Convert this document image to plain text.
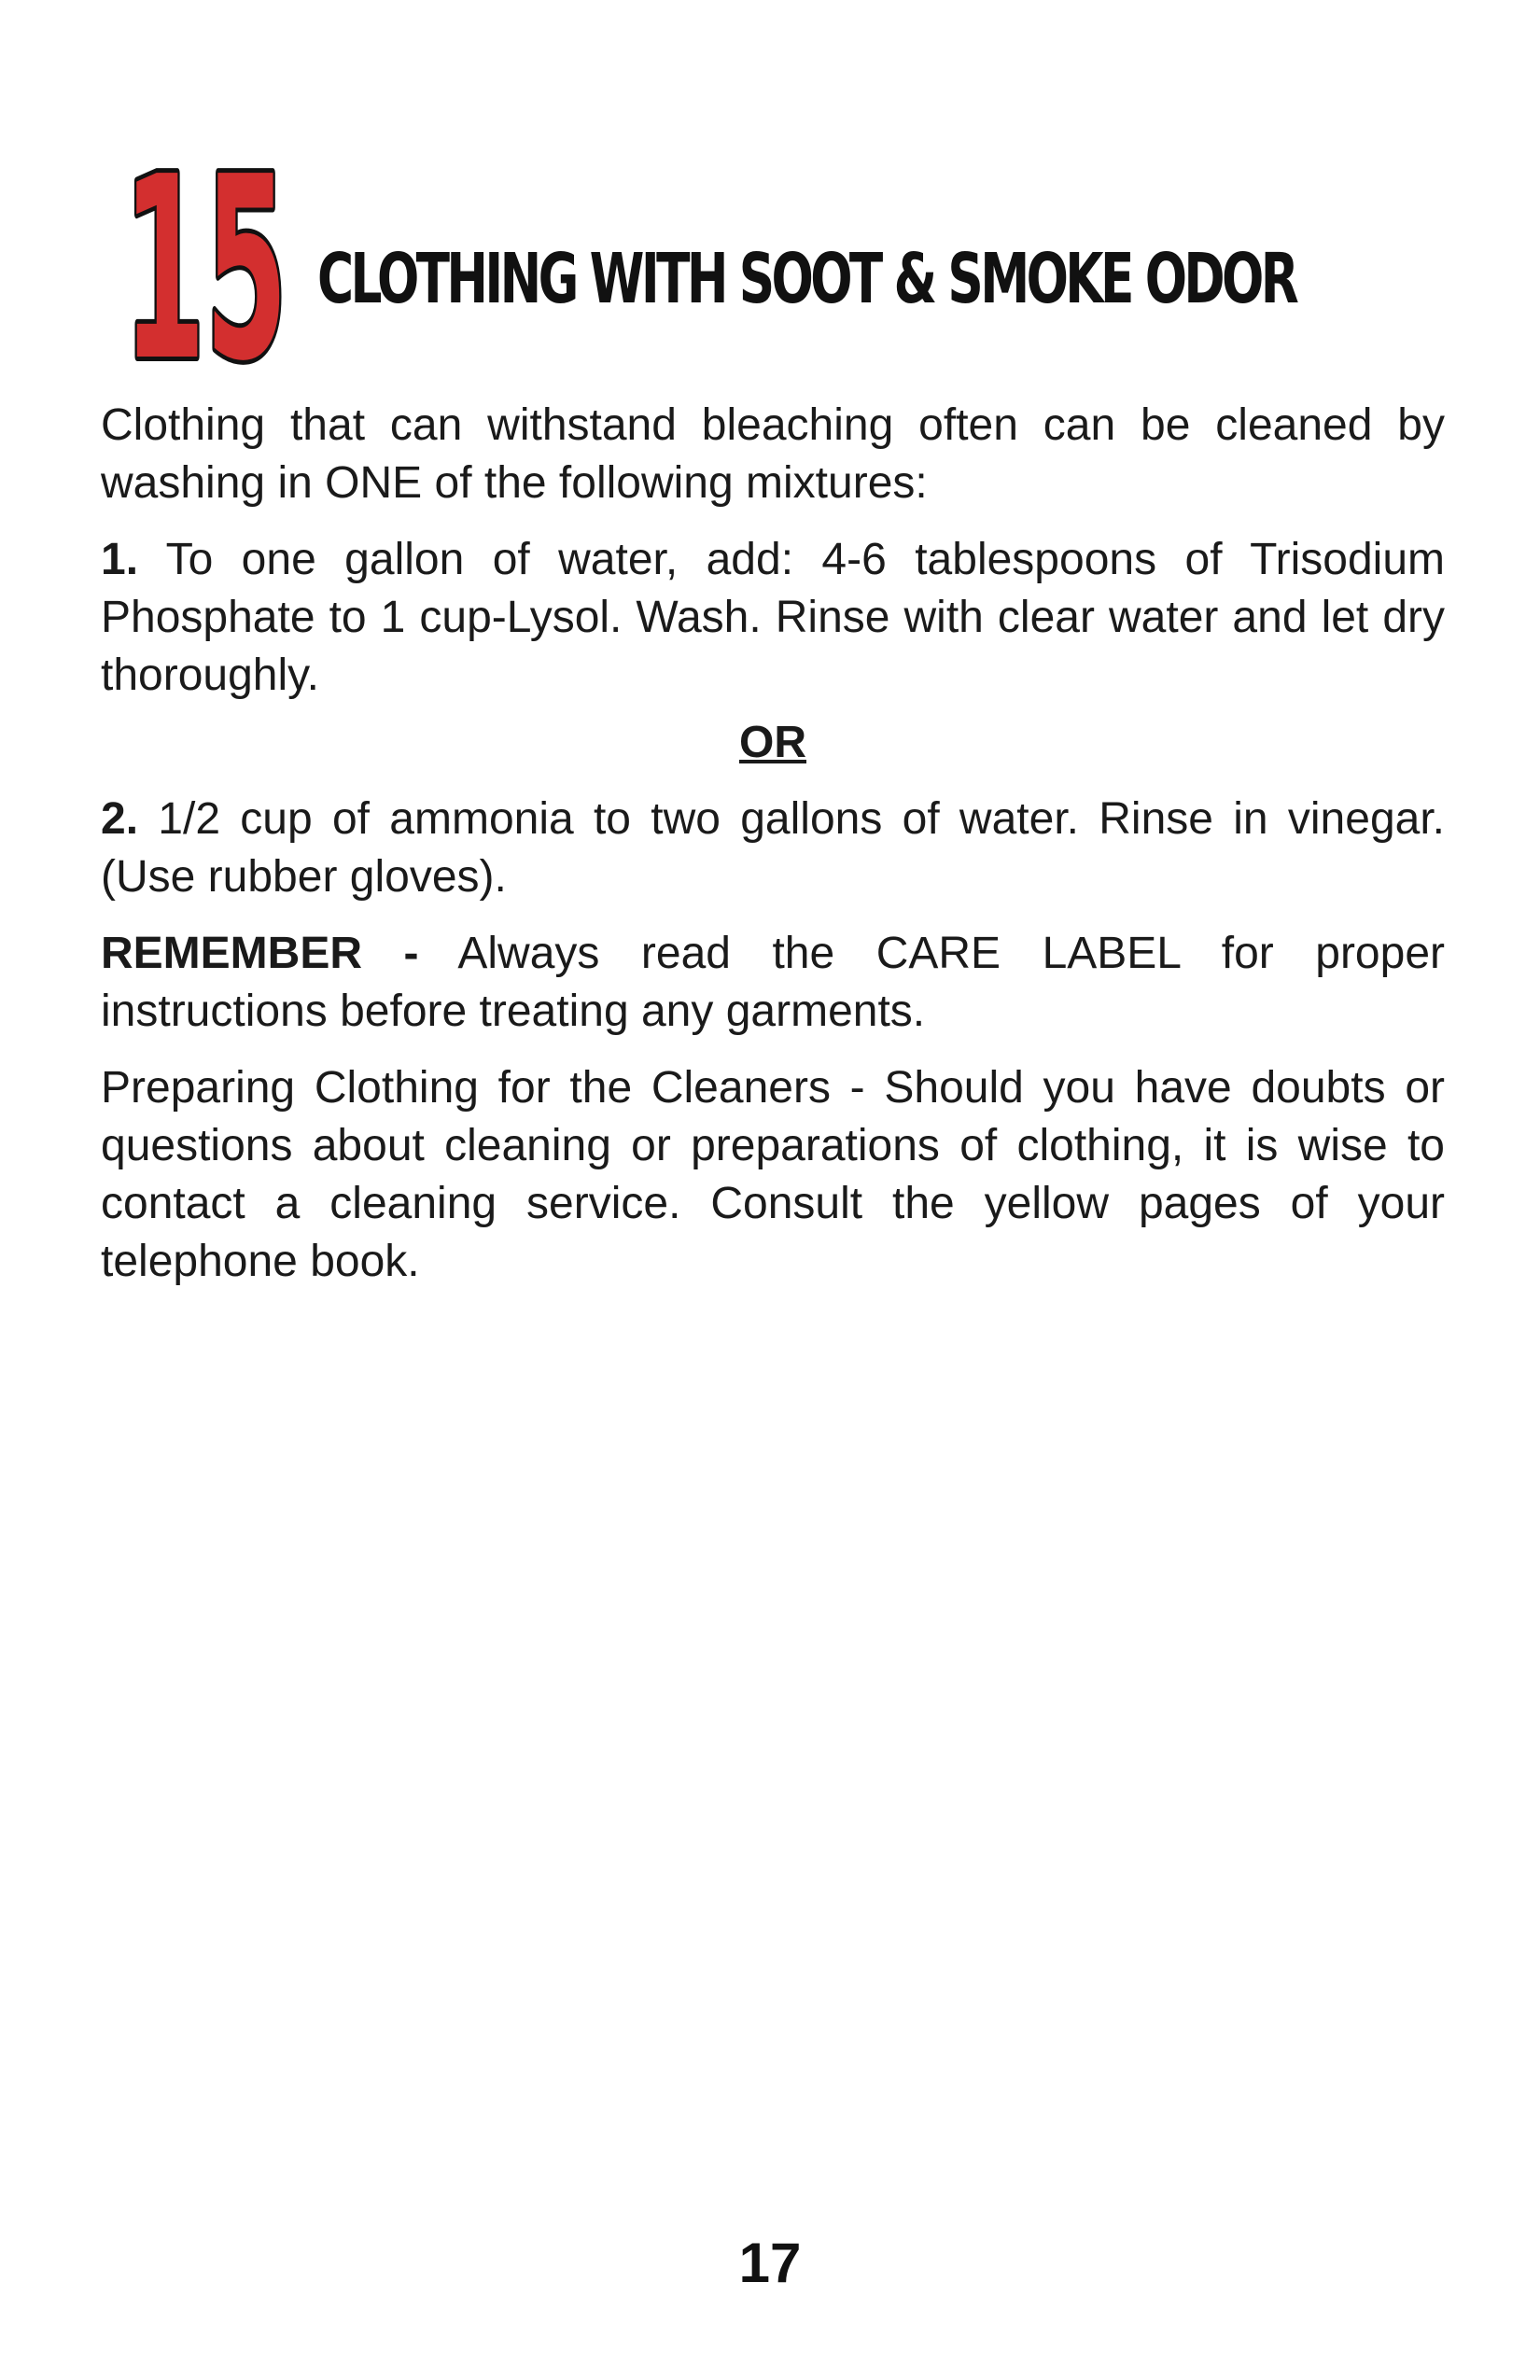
15
15 CLOTHING WITH SOOT & SMOKE ODOR

Clothing that can withstand bleaching often can be cleaned by washing in ONE of the following mixtures:

1. To one gallon of water, add: 4-6 tablespoons of Trisodium Phosphate to 1 cup-Lysol. Wash. Rinse with clear water and let dry thoroughly.

OR

2. 1/2 cup of ammonia to two gallons of water. Rinse in vinegar. (Use rubber gloves).

REMEMBER - Always read the CARE LABEL for proper instructions before treating any garments.

Preparing Clothing for the Cleaners - Should you have doubts or questions about cleaning or preparations of clothing, it is wise to contact a cleaning service. Consult the yellow pages of your telephone book.

17
